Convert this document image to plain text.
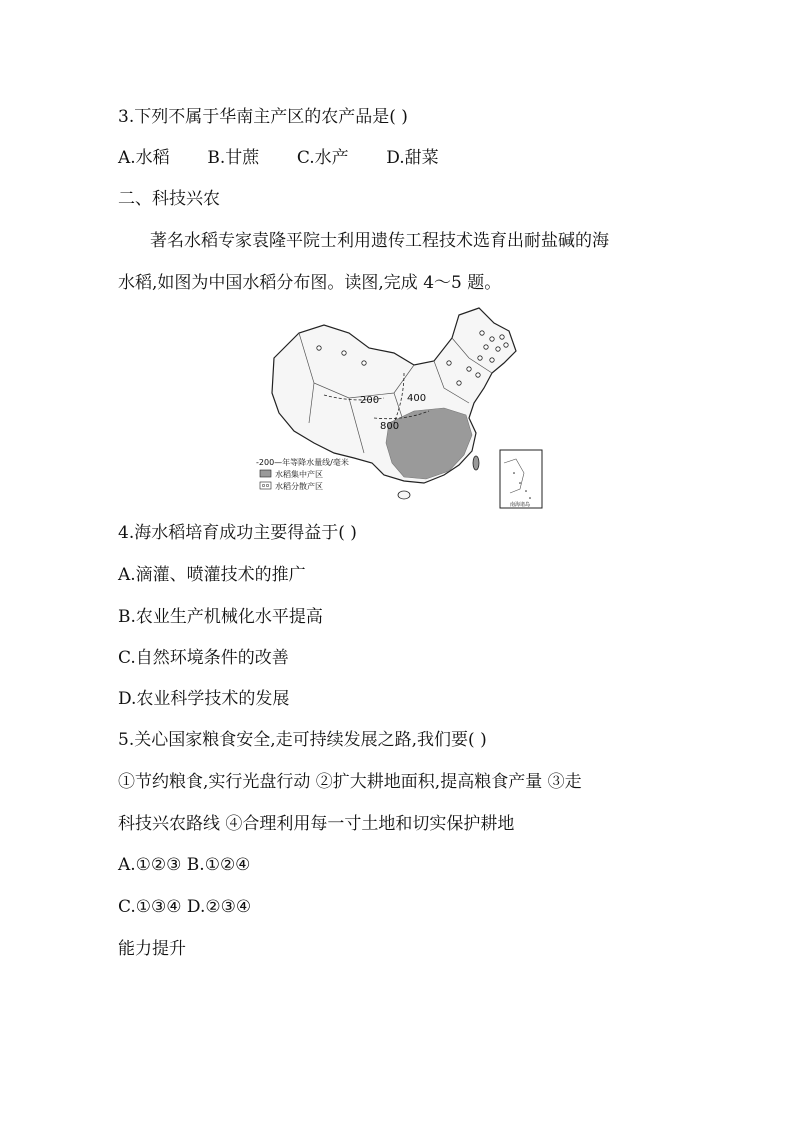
3.下列不属于华南主产区的农产品是( )
A.水稻 B.甘蔗 C.水产 D.甜菜
二、科技兴农
著名水稻专家袁隆平院士利用遗传工程技术选育出耐盐碱的海
水稻,如图为中国水稻分布图。读图,完成 4～5 题。
200	400
800
南海诸岛
-200—年等降水量线/毫米
水稻集中产区
水稻分散产区
4.海水稻培育成功主要得益于( )
A.滴灌、喷灌技术的推广
B.农业生产机械化水平提高
C.自然环境条件的改善
D.农业科学技术的发展
5.关心国家粮食安全,走可持续发展之路,我们要( )
①节约粮食,实行光盘行动 ②扩大耕地面积,提高粮食产量 ③走
科技兴农路线 ④合理利用每一寸土地和切实保护耕地
A.①②③ B.①②④
C.①③④ D.②③④
能力提升
